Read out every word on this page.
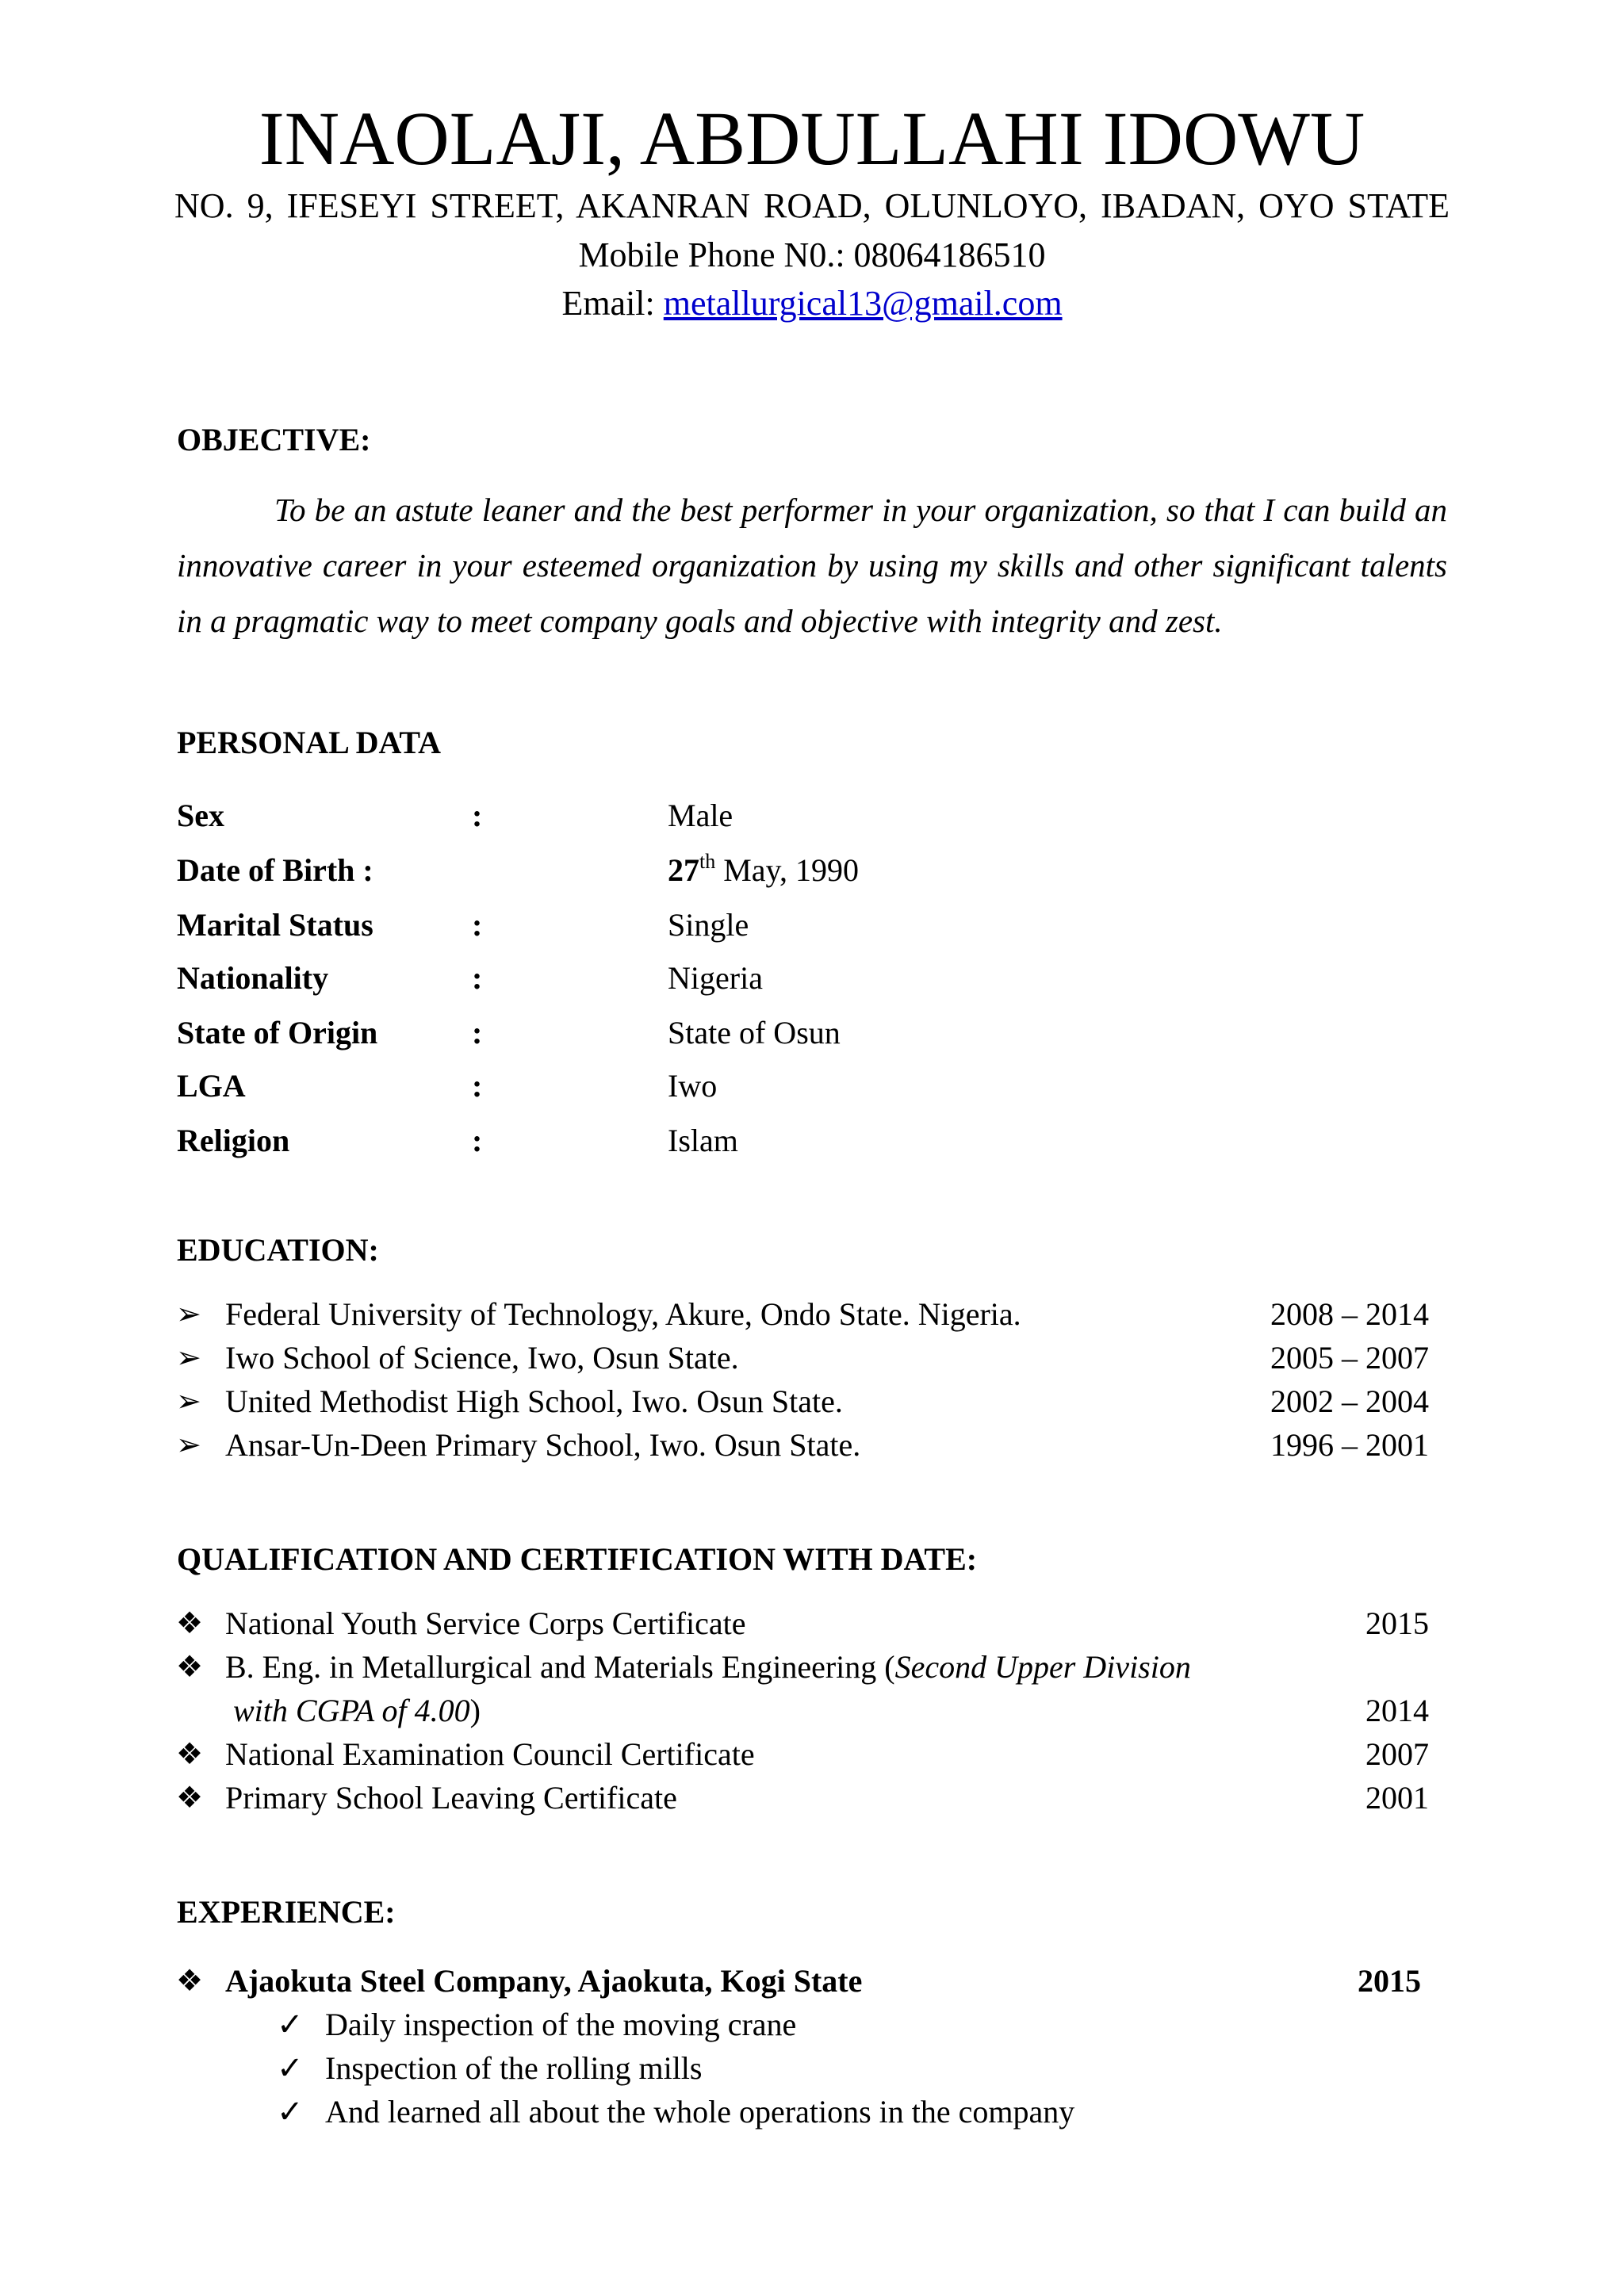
INAOLAJI, ABDULLAHI IDOWU
NO. 9, IFESEYI STREET, AKANRAN ROAD, OLUNLOYO, IBADAN, OYO STATE
Mobile Phone N0.: 08064186510
Email: metallurgical13@gmail.com
OBJECTIVE:
To be an astute leaner and the best performer in your organization, so that I can build an innovative career in your esteemed organization by using my skills and other significant talents in a pragmatic way to meet company goals and objective with integrity and zest.
PERSONAL DATA
Sex	:	Male
Date of Birth :	27th May, 1990
Marital Status	:	Single
Nationality	:	Nigeria
State of Origin	:	State of Osun
LGA	:	Iwo
Religion	:	Islam
EDUCATION:
➢ Federal University of Technology, Akure, Ondo State. Nigeria.	2008 – 2014
➢ Iwo School of Science, Iwo, Osun State.	2005 – 2007
➢ United Methodist High School, Iwo. Osun State.	2002 – 2004
➢ Ansar-Un-Deen Primary School, Iwo. Osun State.	1996 – 2001
QUALIFICATION AND CERTIFICATION WITH DATE:
❖ National Youth Service Corps Certificate	2015
❖ B. Eng. in Metallurgical and Materials Engineering (Second Upper Division
with CGPA of 4.00)	2014
❖ National Examination Council Certificate	2007
❖ Primary School Leaving Certificate	2001
EXPERIENCE:
❖ Ajaokuta Steel Company, Ajaokuta, Kogi State	2015
✓ Daily inspection of the moving crane
✓ Inspection of the rolling mills
✓ And learned all about the whole operations in the company
